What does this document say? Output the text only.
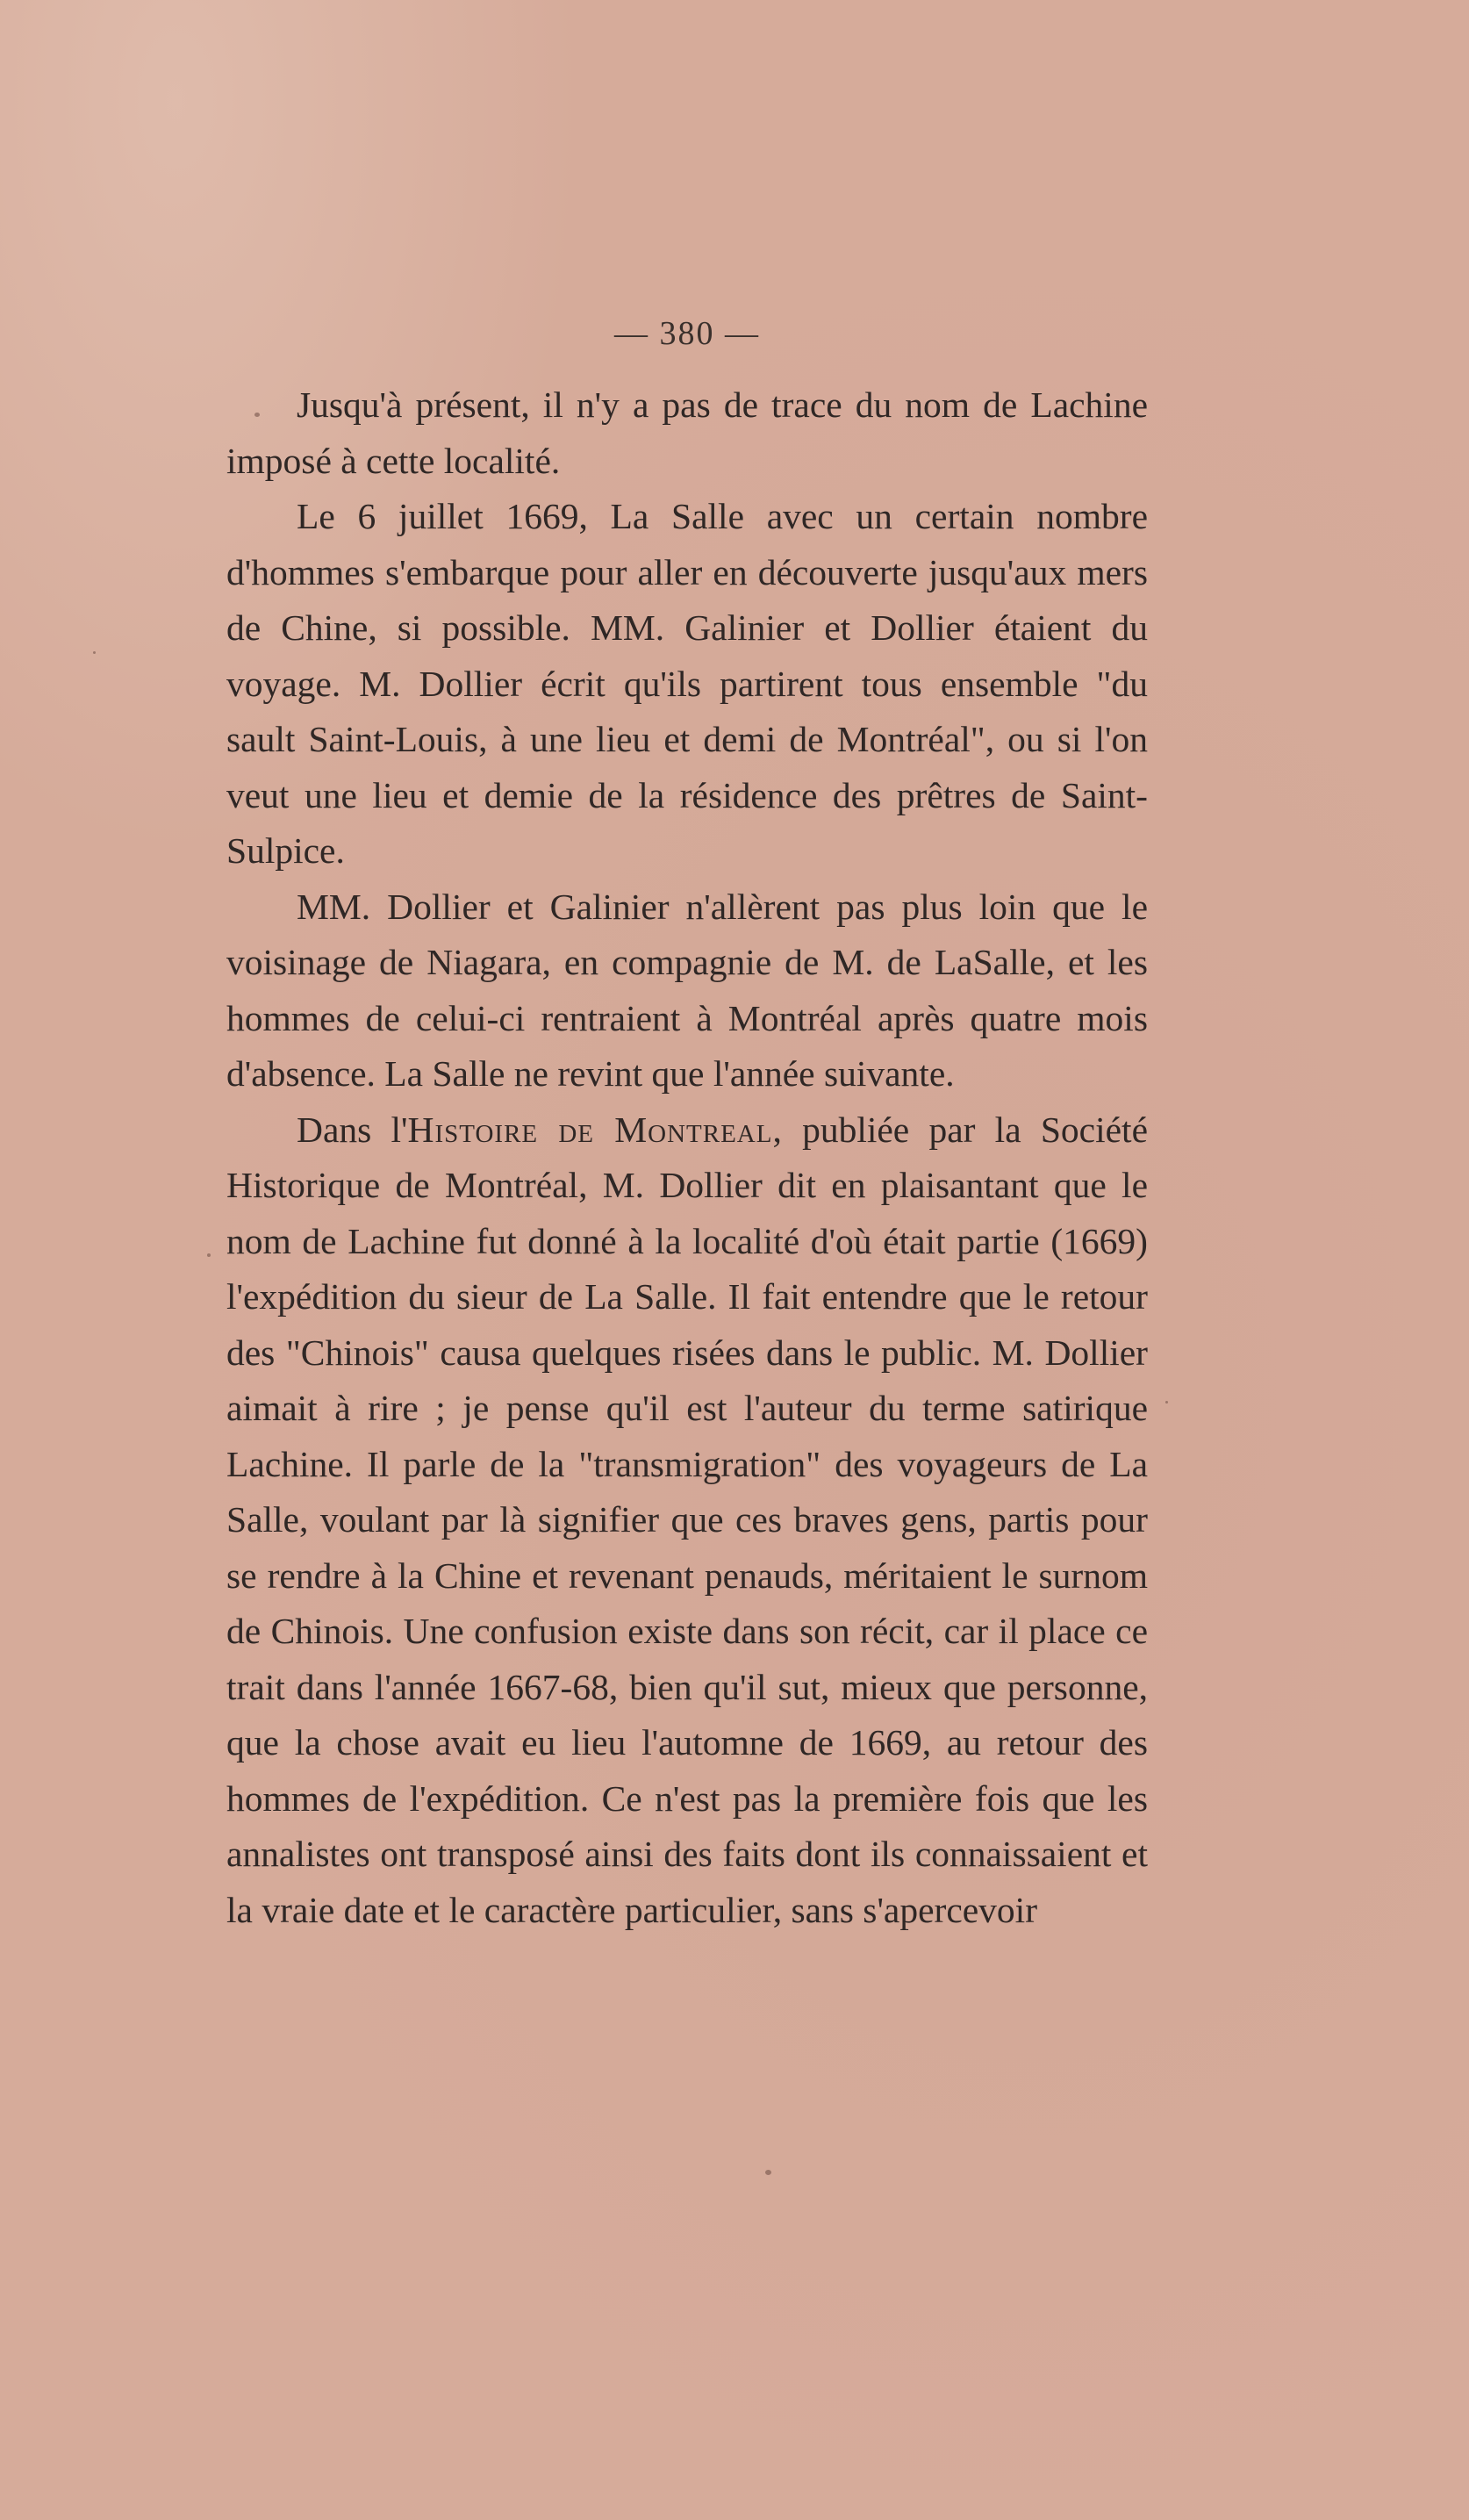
— 380 —

Jusqu'à présent, il n'y a pas de trace du nom de Lachine imposé à cette localité.

Le 6 juillet 1669, La Salle avec un certain nombre d'hommes s'embarque pour aller en découverte jusqu'aux mers de Chine, si possible. MM. Galinier et Dollier étaient du voyage. M. Dollier écrit qu'ils partirent tous ensemble "du sault Saint-Louis, à une lieu et demi de Montréal", ou si l'on veut une lieu et demie de la résidence des prêtres de Saint-Sulpice.

MM. Dollier et Galinier n'allèrent pas plus loin que le voisinage de Niagara, en compagnie de M. de LaSalle, et les hommes de celui-ci rentraient à Montréal après quatre mois d'absence. La Salle ne revint que l'année suivante.

Dans l'Histoire de Montreal, publiée par la Société Historique de Montréal, M. Dollier dit en plaisantant que le nom de Lachine fut donné à la localité d'où était partie (1669) l'expédition du sieur de La Salle. Il fait entendre que le retour des "Chinois" causa quelques risées dans le public. M. Dollier aimait à rire ; je pense qu'il est l'auteur du terme satirique Lachine. Il parle de la "transmigration" des voyageurs de La Salle, voulant par là signifier que ces braves gens, partis pour se rendre à la Chine et revenant penauds, méritaient le surnom de Chinois. Une confusion existe dans son récit, car il place ce trait dans l'année 1667-68, bien qu'il sut, mieux que personne, que la chose avait eu lieu l'automne de 1669, au retour des hommes de l'expédition. Ce n'est pas la première fois que les annalistes ont transposé ainsi des faits dont ils connaissaient et la vraie date et le caractère particulier, sans s'apercevoir
